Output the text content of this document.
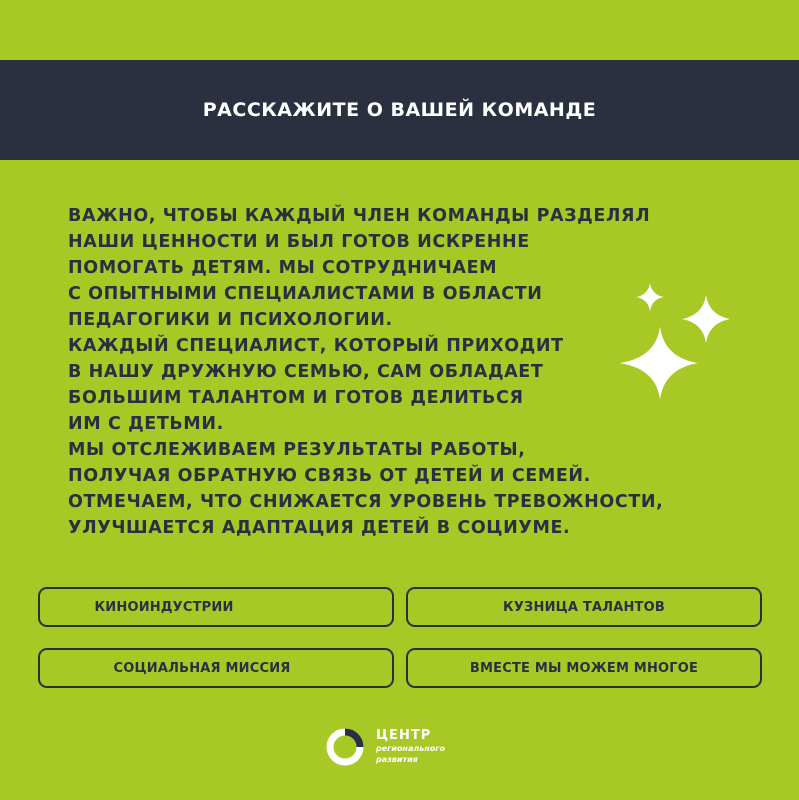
РАССКАЖИТЕ О ВАШЕЙ КОМАНДЕ
ВАЖНО, ЧТОБЫ КАЖДЫЙ ЧЛЕН КОМАНДЫ РАЗДЕЛЯЛ
НАШИ ЦЕННОСТИ И БЫЛ ГОТОВ ИСКРЕННЕ
ПОМОГАТЬ ДЕТЯМ. МЫ СОТРУДНИЧАЕМ
С ОПЫТНЫМИ СПЕЦИАЛИСТАМИ В ОБЛАСТИ
ПЕДАГОГИКИ И ПСИХОЛОГИИ.
КАЖДЫЙ СПЕЦИАЛИСТ, КОТОРЫЙ ПРИХОДИТ
В НАШУ ДРУЖНУЮ СЕМЬЮ, САМ ОБЛАДАЕТ
БОЛЬШИМ ТАЛАНТОМ И ГОТОВ ДЕЛИТЬСЯ
ИМ С ДЕТЬМИ.
МЫ ОТСЛЕЖИВАЕМ РЕЗУЛЬТАТЫ РАБОТЫ,
ПОЛУЧАЯ ОБРАТНУЮ СВЯЗЬ ОТ ДЕТЕЙ И СЕМЕЙ.
ОТМЕЧАЕМ, ЧТО СНИЖАЕТСЯ УРОВЕНЬ ТРЕВОЖНОСТИ,
УЛУЧШАЕТСЯ АДАПТАЦИЯ ДЕТЕЙ В СОЦИУМЕ.
КИНОИНДУСТРИИ	КУЗНИЦА ТАЛАНТОВ
СОЦИАЛЬНАЯ МИССИЯ	ВМЕСТЕ МЫ МОЖЕМ МНОГОЕ
ЦЕНТР
регионального
развития
